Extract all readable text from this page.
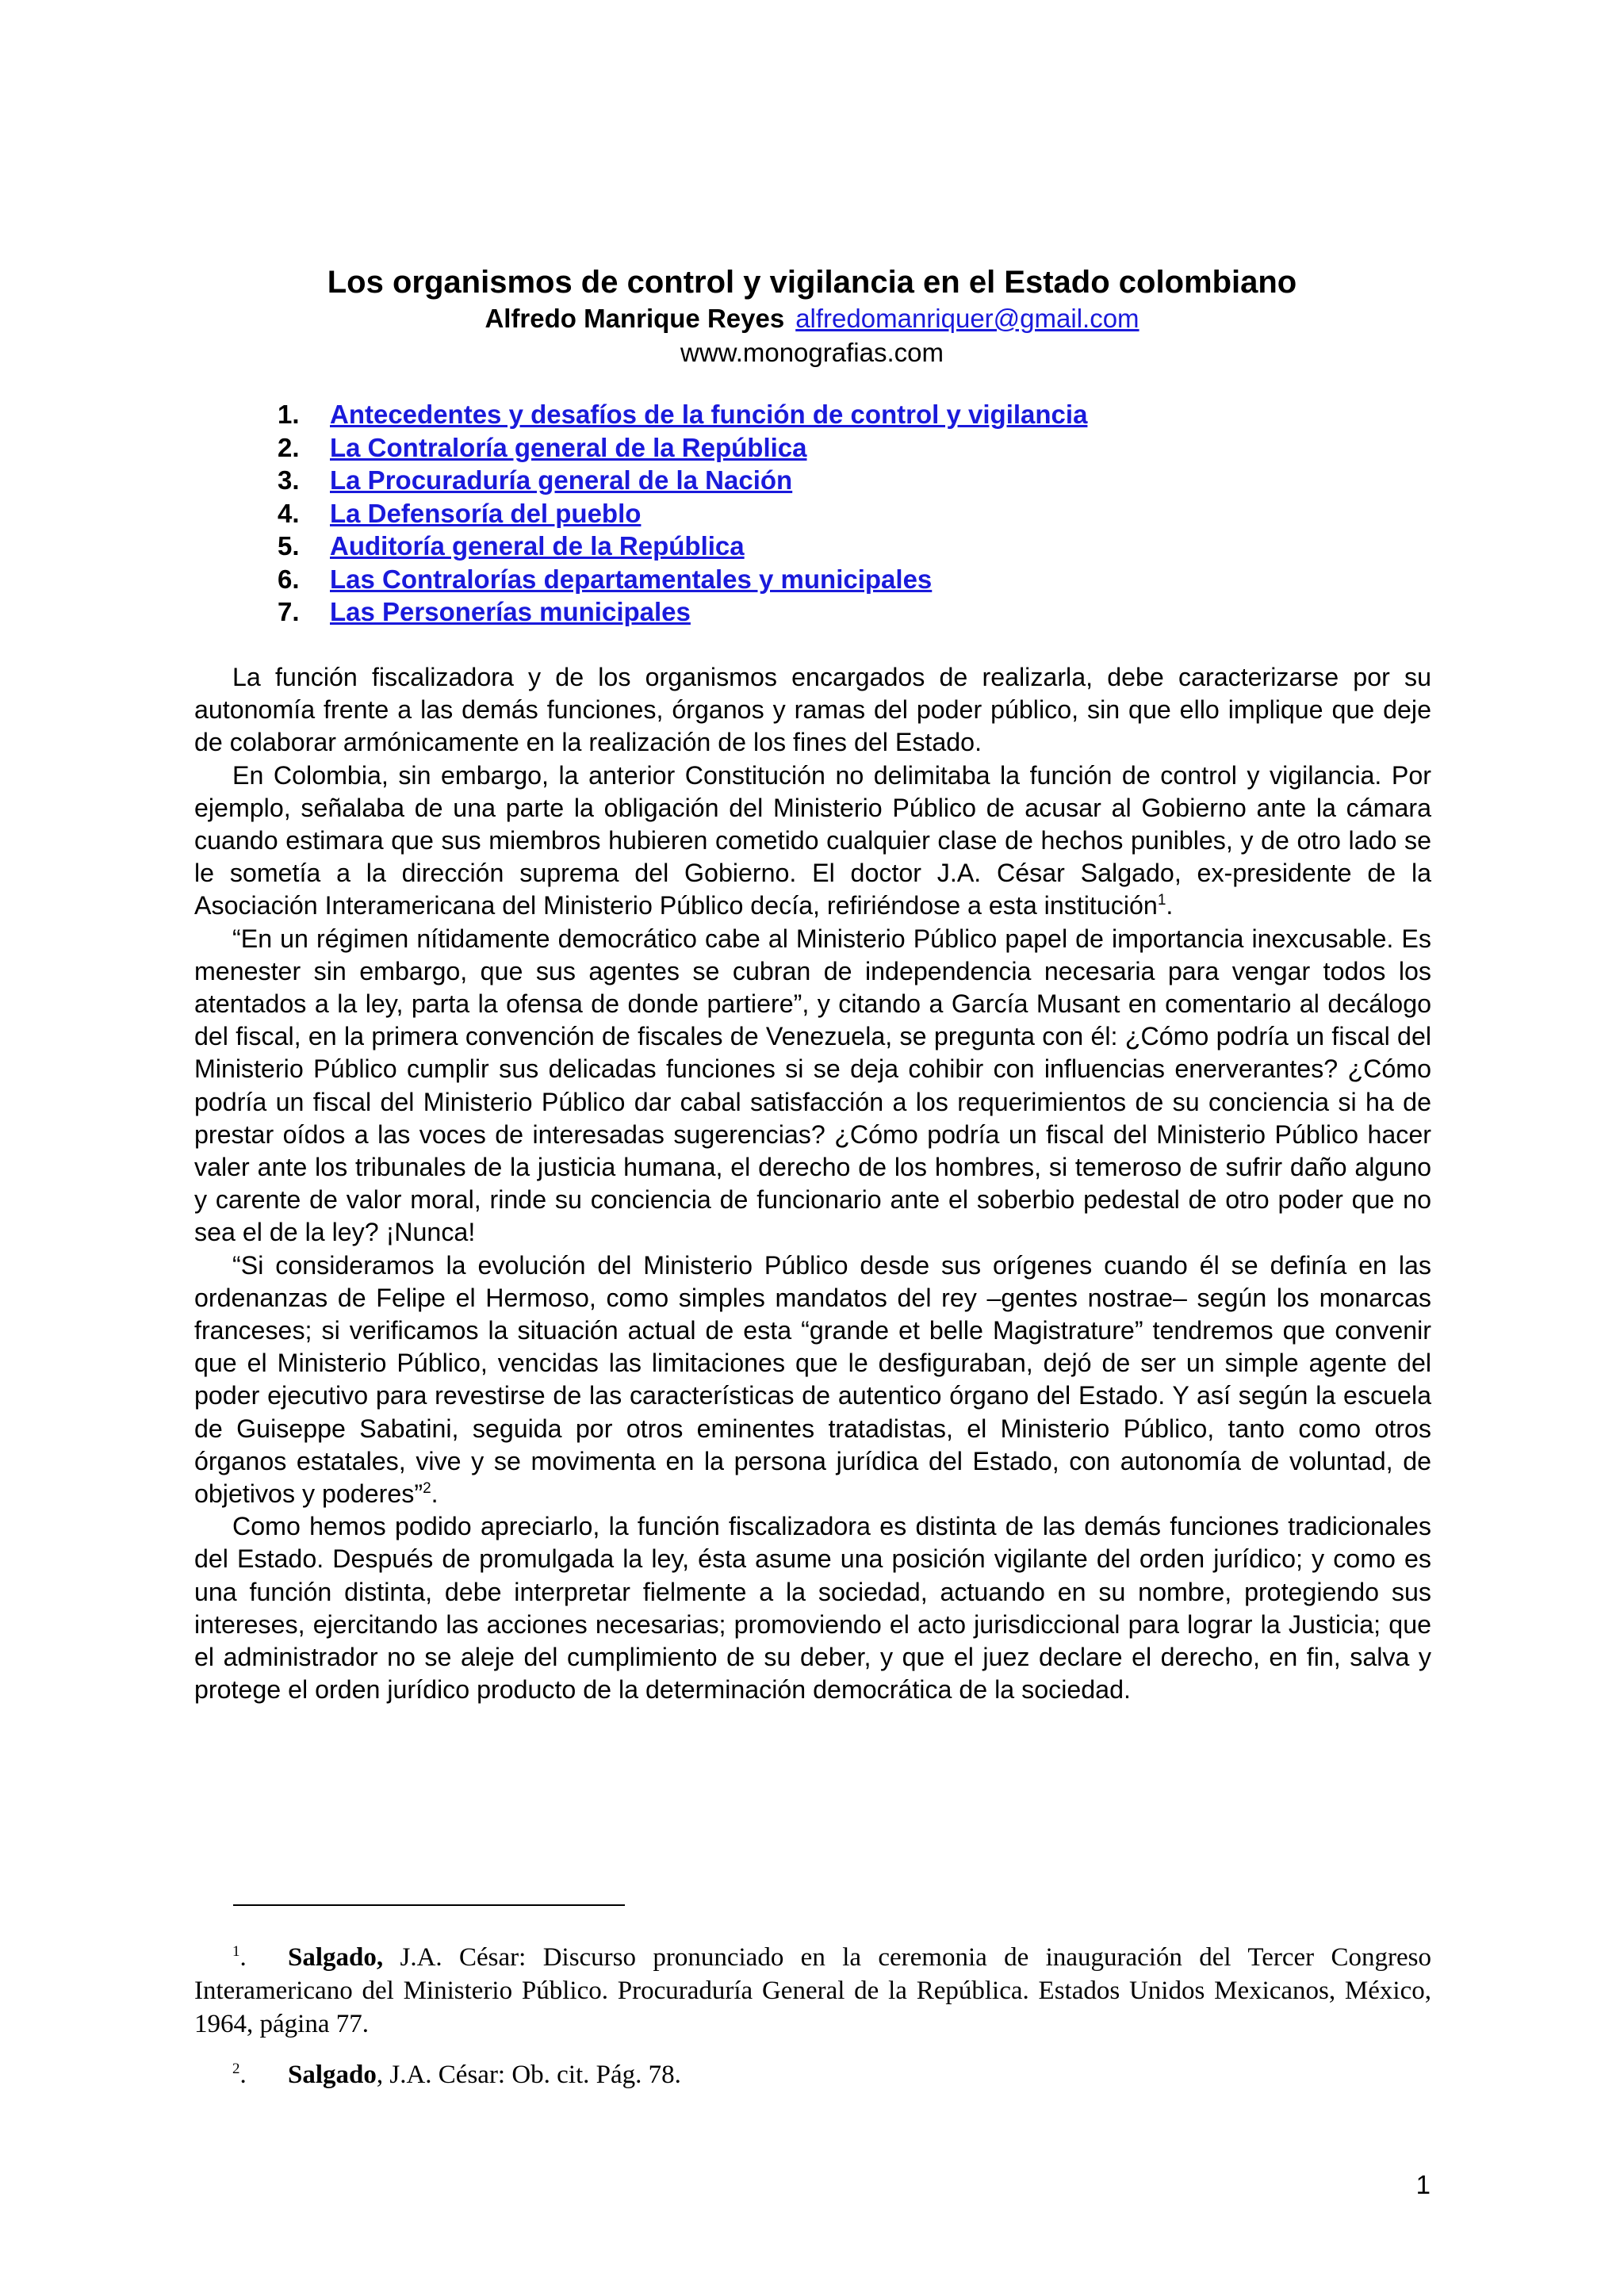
Los organismos de control y vigilancia en el Estado colombiano
Alfredo Manrique Reyes alfredomanriquer@gmail.com
www.monografias.com
1.	Antecedentes y desafíos de la función de control y vigilancia
2.	La Contraloría general de la República
3.	La Procuraduría general de la Nación
4.	La Defensoría del pueblo
5.	Auditoría general de la República
6.	Las Contralorías departamentales y municipales
7.	Las Personerías municipales

La función fiscalizadora y de los organismos encargados de realizarla, debe caracterizarse por su autonomía frente a las demás funciones, órganos y ramas del poder público, sin que ello implique que deje de colaborar armónicamente en la realización de los fines del Estado.

En Colombia, sin embargo, la anterior Constitución no delimitaba la función de control y vigilancia. Por ejemplo, señalaba de una parte la obligación del Ministerio Público de acusar al Gobierno ante la cámara cuando estimara que sus miembros hubieren cometido cualquier clase de hechos punibles, y de otro lado se le sometía a la dirección suprema del Gobierno. El doctor J.A. César Salgado, ex-presidente de la Asociación Interamericana del Ministerio Público decía, refiriéndose a esta institución$^1$.

“En un régimen nítidamente democrático cabe al Ministerio Público papel de importancia inexcusable. Es menester sin embargo, que sus agentes se cubran de independencia necesaria para vengar todos los atentados a la ley, parta la ofensa de donde partiere”, y citando a García Musant en comentario al decálogo del fiscal, en la primera convención de fiscales de Venezuela, se pregunta con él: ¿Cómo podría un fiscal del Ministerio Público cumplir sus delicadas funciones si se deja cohibir con influencias enerverantes? ¿Cómo podría un fiscal del Ministerio Público dar cabal satisfacción a los requerimientos de su conciencia si ha de prestar oídos a las voces de interesadas sugerencias? ¿Cómo podría un fiscal del Ministerio Público hacer valer ante los tribunales de la justicia humana, el derecho de los hombres, si temeroso de sufrir daño alguno y carente de valor moral, rinde su conciencia de funcionario ante el soberbio pedestal de otro poder que no sea el de la ley? ¡Nunca!

“Si consideramos la evolución del Ministerio Público desde sus orígenes cuando él se definía en las ordenanzas de Felipe el Hermoso, como simples mandatos del rey –gentes nostrae– según los monarcas franceses; si verificamos la situación actual de esta “grande et belle Magistrature” tendremos que convenir que el Ministerio Público, vencidas las limitaciones que le desfiguraban, dejó de ser un simple agente del poder ejecutivo para revestirse de las características de autentico órgano del Estado. Y así según la escuela de Guiseppe Sabatini, seguida por otros eminentes tratadistas, el Ministerio Público, tanto como otros órganos estatales, vive y se movimenta en la persona jurídica del Estado, con autonomía de voluntad, de objetivos y poderes”$^2$.

Como hemos podido apreciarlo, la función fiscalizadora es distinta de las demás funciones tradicionales del Estado. Después de promulgada la ley, ésta asume una posición vigilante del orden jurídico; y como es una función distinta, debe interpretar fielmente a la sociedad, actuando en su nombre, protegiendo sus intereses, ejercitando las acciones necesarias; promoviendo el acto jurisdiccional para lograr la Justicia; que el administrador no se aleje del cumplimiento de su deber, y que el juez declare el derecho, en fin, salva y protege el orden jurídico producto de la determinación democrática de la sociedad.

$^1$. Salgado, J.A. César: Discurso pronunciado en la ceremonia de inauguración del Tercer Congreso Interamericano del Ministerio Público. Procuraduría General de la República. Estados Unidos Mexicanos, México, 1964, página 77.

$^2$. Salgado, J.A. César: Ob. cit. Pág. 78.

1
